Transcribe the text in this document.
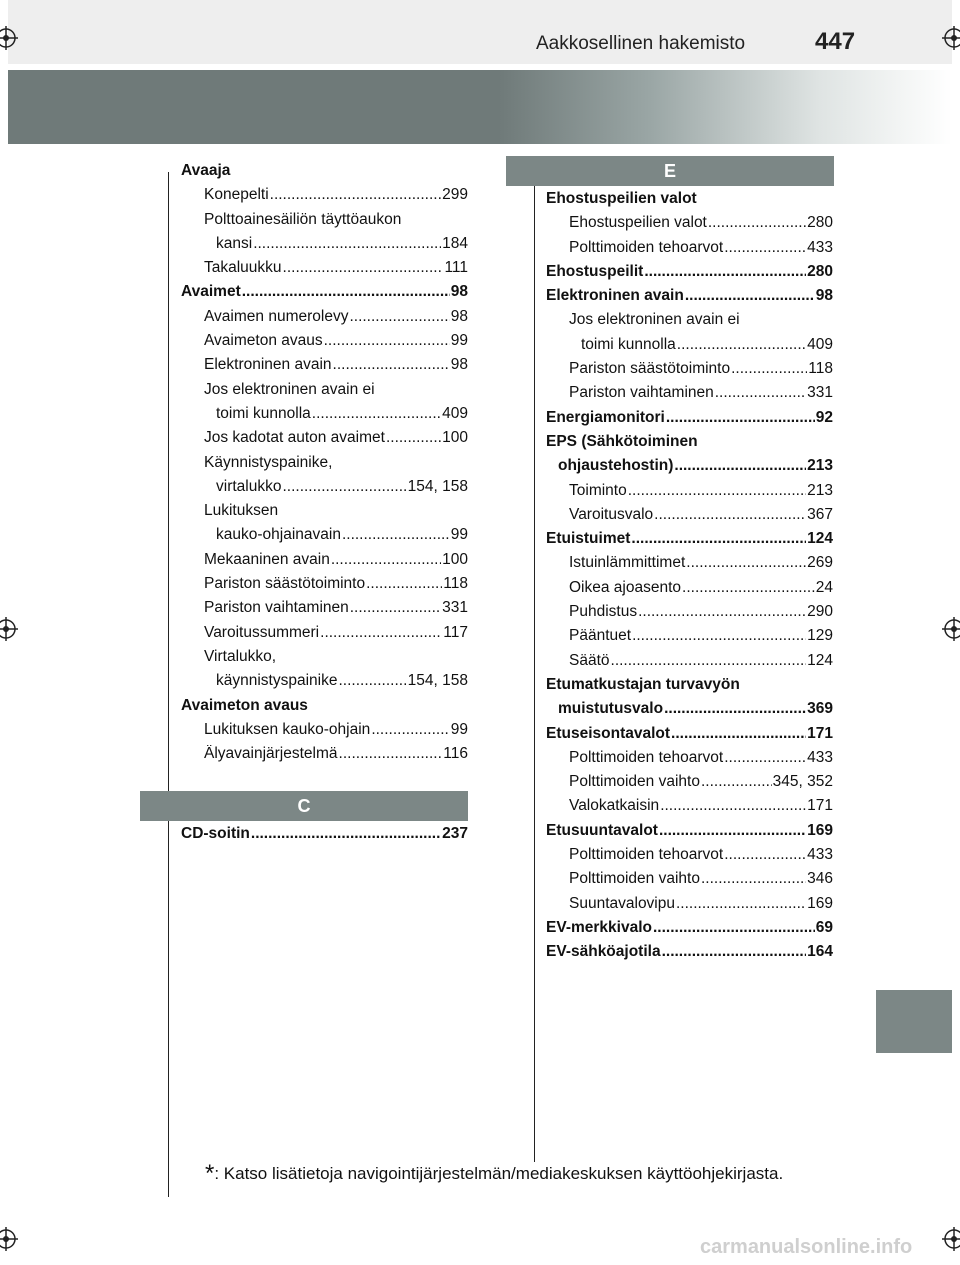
Aakkosellinen hakemisto	447
Avaaja
Konepelti .....	299
Polttoainesäiliön täyttöaukon
kansi .....	184
Takaluukku .....	111
Avaimet .....	98
Avaimen numerolevy .....	98
Avaimeton avaus .....	99
Elektroninen avain .....	98
Jos elektroninen avain ei
toimi kunnolla .....	409
Jos kadotat auton avaimet .....	100
Käynnistyspainike,
virtalukko .....	154, 158
Lukituksen
kauko-ohjainavain .....	99
Mekaaninen avain .....	100
Pariston säästötoiminto .....	118
Pariston vaihtaminen .....	331
Varoitussummeri .....	117
Virtalukko,
käynnistyspainike .....	154, 158
Avaimeton avaus
Lukituksen kauko-ohjain .....	99
Älyavainjärjestelmä .....	116
C
CD-soitin .....	237
E
Ehostuspeilien valot
Ehostuspeilien valot .....	280
Polttimoiden tehoarvot .....	433
Ehostuspeilit .....	280
Elektroninen avain .....	98
Jos elektroninen avain ei
toimi kunnolla .....	409
Pariston säästötoiminto .....	118
Pariston vaihtaminen .....	331
Energiamonitori .....	92
EPS (Sähkötoiminen
ohjaustehostin) .....	213
Toiminto .....	213
Varoitusvalo .....	367
Etuistuimet .....	124
Istuinlämmittimet .....	269
Oikea ajoasento .....	24
Puhdistus .....	290
Pääntuet .....	129
Säätö .....	124
Etumatkustajan turvavyön
muistutusvalo .....	369
Etuseisontavalot .....	171
Polttimoiden tehoarvot .....	433
Polttimoiden vaihto .....	345, 352
Valokatkaisin .....	171
Etusuuntavalot .....	169
Polttimoiden tehoarvot .....	433
Polttimoiden vaihto .....	346
Suuntavalovipu .....	169
EV-merkkivalo .....	69
EV-sähköajotila .....	164
*: Katso lisätietoja navigointijärjestelmän/mediakeskuksen käyttöohjekirjasta.
carmanualsonline.info
